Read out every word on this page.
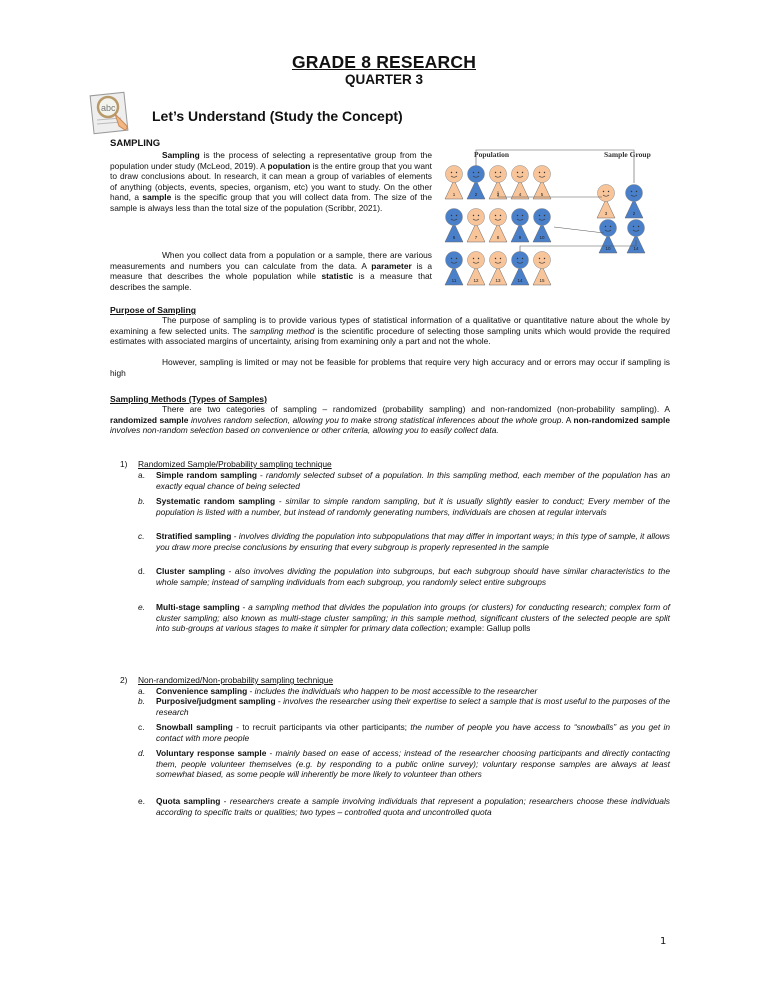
GRADE 8 RESEARCH
QUARTER 3
abc	Let’s Understand (Study the Concept)
SAMPLING
Sampling is the process of selecting a representative group from the population under study (McLeod, 2019). A population is the entire group that you want to draw conclusions about. In research, it can mean a group of variables of elements of anything (objects, events, species, organism, etc) you want to study. On the other hand, a sample is the specific group that you will collect data from. The size of the sample is always less than the total size of the population (Scribbr, 2021).
When you collect data from a population or a sample, there are various measurements and numbers you can calculate from the data. A parameter is a measure that describes the whole population while statistic is a measure that describes the sample.
Population	Sample Group
1	2	3	4	5
6	7	8	9	10
11	12	13	14	15
3	2
10	14
Purpose of Sampling
The purpose of sampling is to provide various types of statistical information of a qualitative or quantitative nature about the whole by examining a few selected units. The sampling method is the scientific procedure of selecting those sampling units which would provide the required estimates with associated margins of uncertainty, arising from examining only a part and not the whole.
However, sampling is limited or may not be feasible for problems that require very high accuracy and or errors may occur if sampling is high
Sampling Methods (Types of Samples)
There are two categories of sampling – randomized (probability sampling) and non-randomized (non-probability sampling). A randomized sample involves random selection, allowing you to make strong statistical inferences about the whole group. A non-randomized sample involves non-random selection based on convenience or other criteria, allowing you to easily collect data.
1) Randomized Sample/Probability sampling technique
a. Simple random sampling - randomly selected subset of a population. In this sampling method, each member of the population has an exactly equal chance of being selected
b. Systematic random sampling - similar to simple random sampling, but it is usually slightly easier to conduct; Every member of the population is listed with a number, but instead of randomly generating numbers, individuals are chosen at regular intervals
c. Stratified sampling - involves dividing the population into subpopulations that may differ in important ways; in this type of sample, it allows you draw more precise conclusions by ensuring that every subgroup is properly represented in the sample
d. Cluster sampling - also involves dividing the population into subgroups, but each subgroup should have similar characteristics to the whole sample; instead of sampling individuals from each subgroup, you randomly select entire subgroups
e. Multi-stage sampling - a sampling method that divides the population into groups (or clusters) for conducting research; complex form of cluster sampling; also known as multi-stage cluster sampling; in this sample method, significant clusters of the selected people are split into sub-groups at various stages to make it simpler for primary data collection; example: Gallup polls
2) Non-randomized/Non-probability sampling technique
a. Convenience sampling - includes the individuals who happen to be most accessible to the researcher
b. Purposive/judgment sampling - involves the researcher using their expertise to select a sample that is most useful to the purposes of the research
c. Snowball sampling - to recruit participants via other participants; the number of people you have access to “snowballs” as you get in contact with more people
d. Voluntary response sample - mainly based on ease of access; instead of the researcher choosing participants and directly contacting them, people volunteer themselves (e.g. by responding to a public online survey); voluntary response samples are always at least somewhat biased, as some people will inherently be more likely to volunteer than others
e. Quota sampling - researchers create a sample involving individuals that represent a population; researchers choose these individuals according to specific traits or qualities; two types – controlled quota and uncontrolled quota
1
